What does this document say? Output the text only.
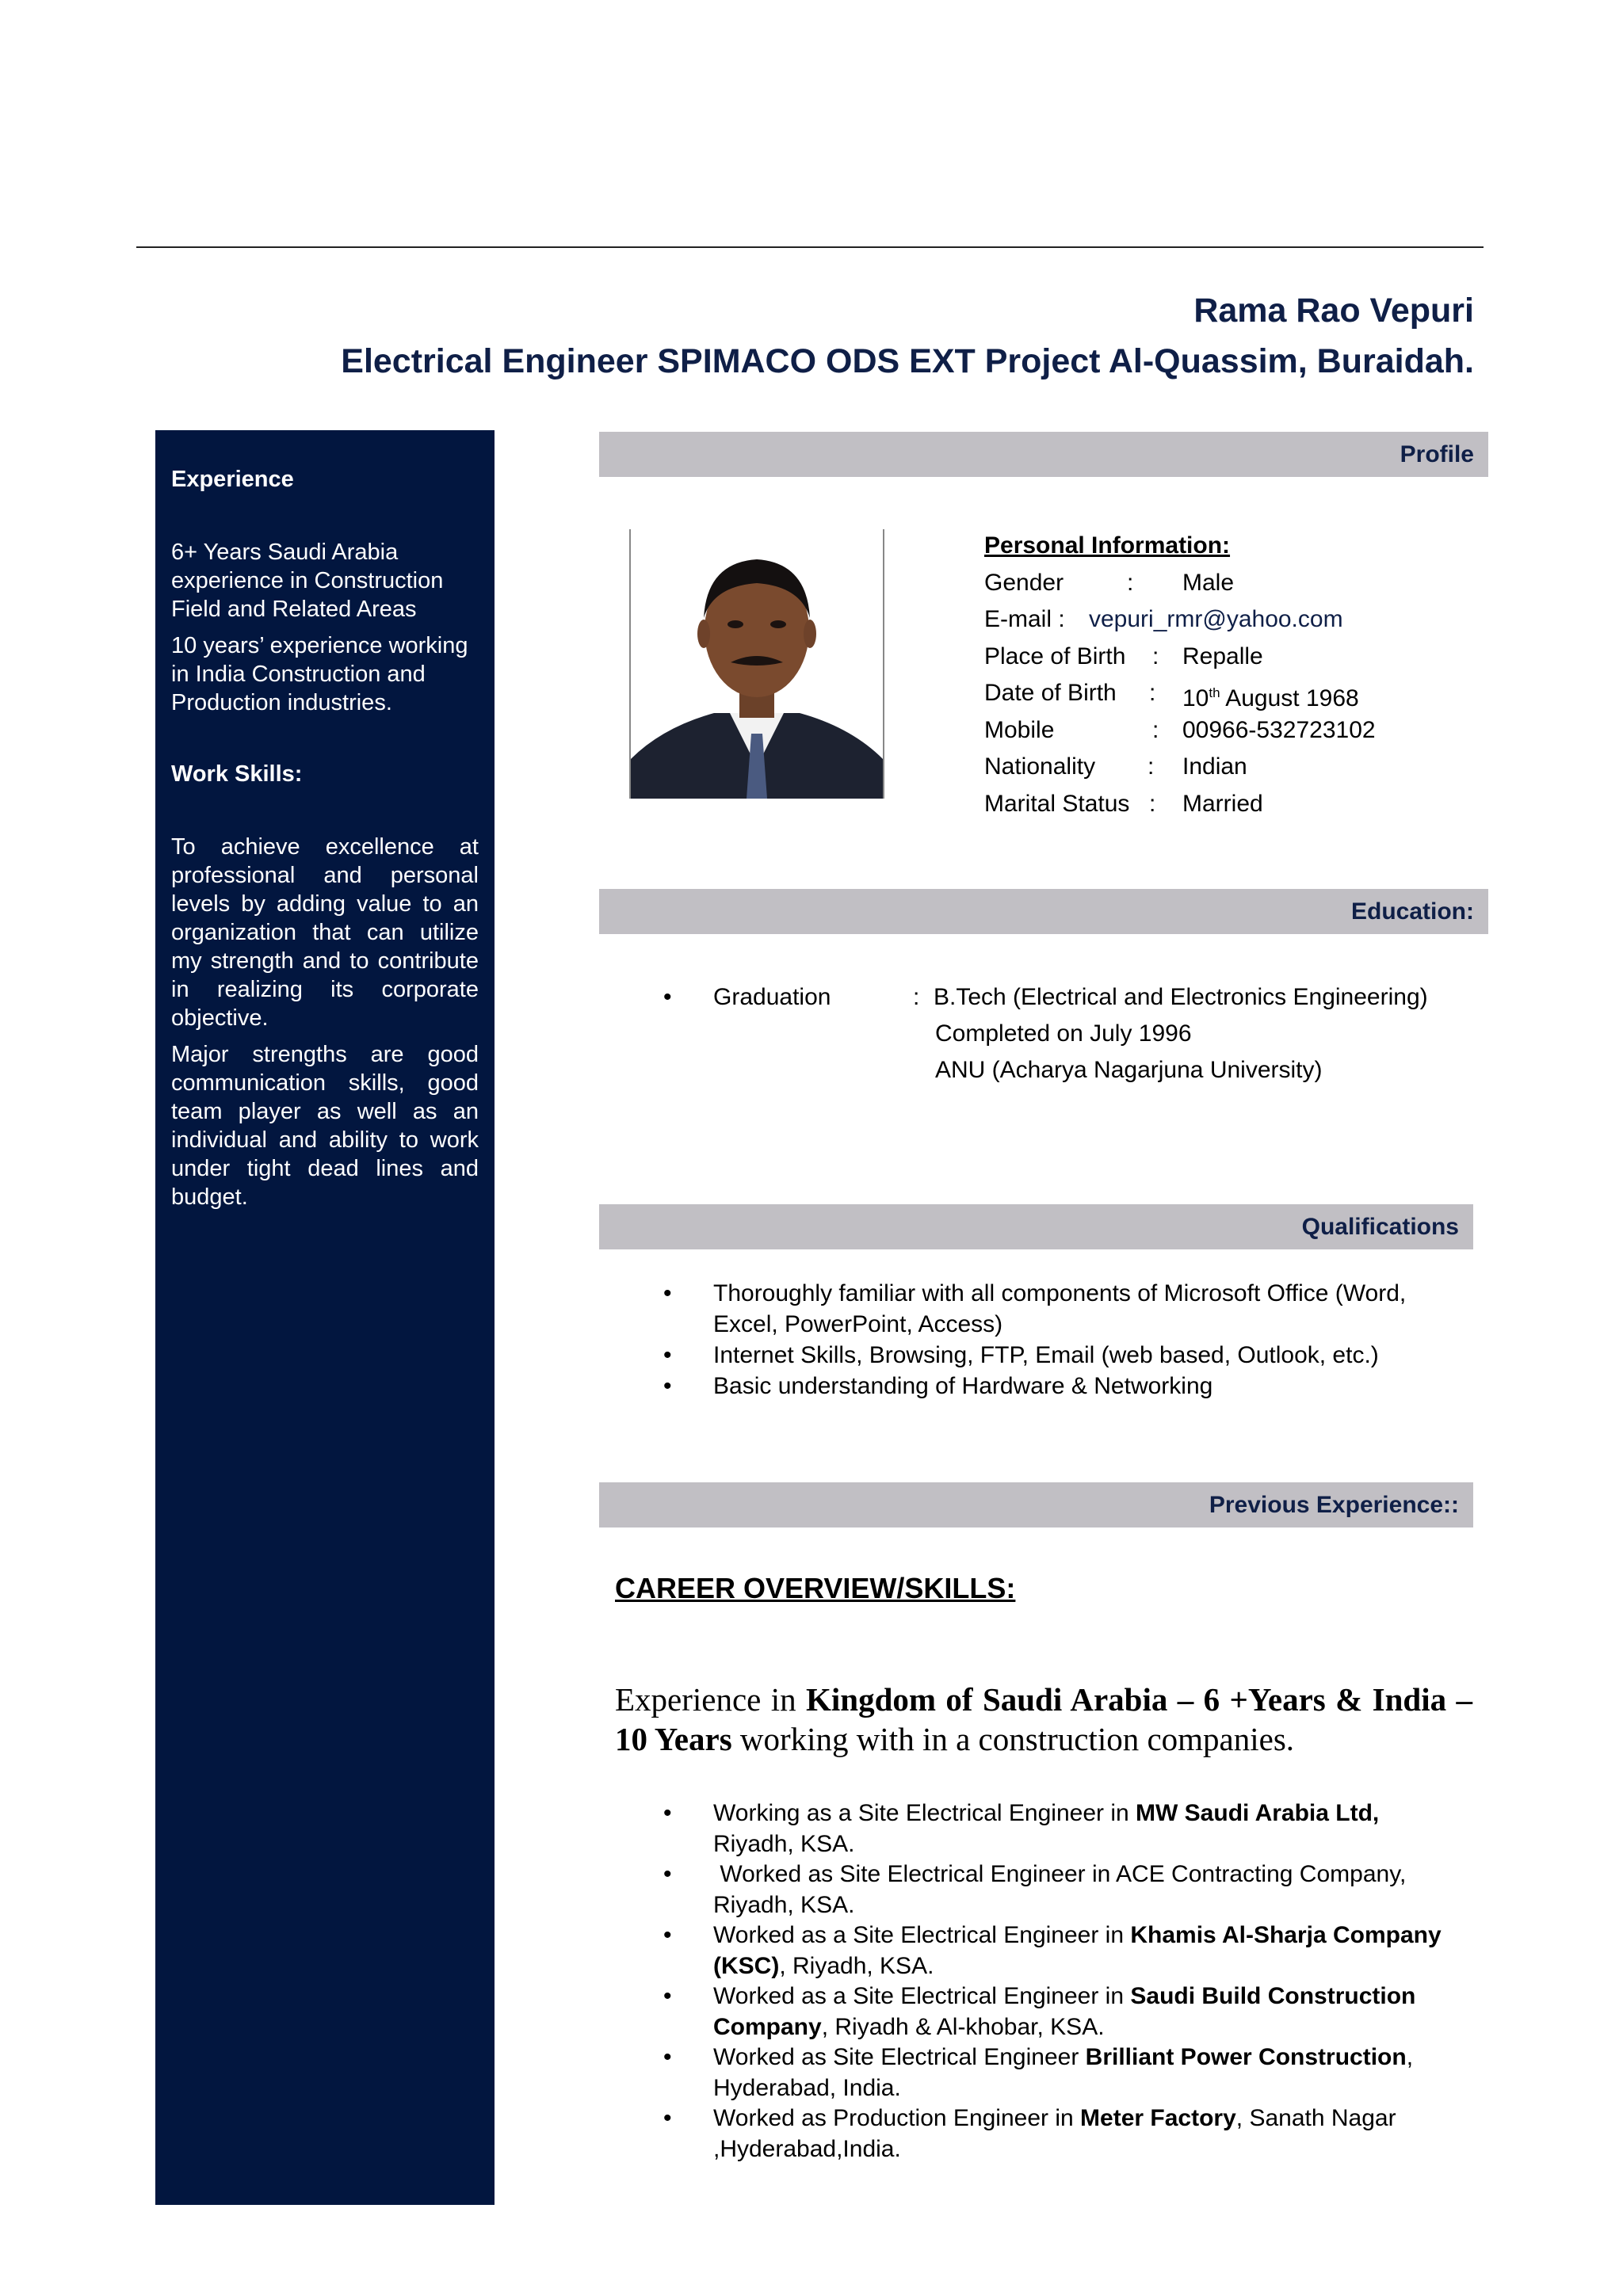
Rama Rao Vepuri
Electrical Engineer SPIMACO ODS EXT Project Al-Quassim, Buraidah.

Experience

6+ Years Saudi Arabia experience in Construction Field and Related Areas

10 years’ experience working in India Construction and Production industries.

Work Skills:

To achieve excellence at professional and personal levels by adding value to an organization that can utilize my strength and to contribute in realizing its corporate objective.

Major strengths are good communication skills, good team player as well as an individual and ability to work under tight dead lines and budget.

Profile
Education:
Qualifications
Previous Experience::
Personal Information:
Gender	: Male
E-mail : vepuri_rmr@yahoo.com
Place of Birth : Repalle
Date of Birth : 10th August 1968
Mobile	: 00966-532723102
Nationality : Indian
Marital Status : Married
• Graduation	: B.Tech (Electrical and Electronics Engineering)
Completed on July 1996
ANU (Acharya Nagarjuna University)
• Thoroughly familiar with all components of Microsoft Office (Word, Excel, PowerPoint, Access)
• Internet Skills, Browsing, FTP, Email (web based, Outlook, etc.)
• Basic understanding of Hardware & Networking
CAREER OVERVIEW/SKILLS:
Experience in Kingdom of Saudi Arabia – 6 +Years & India – 10 Years working with in a construction companies.
• Working as a Site Electrical Engineer in MW Saudi Arabia Ltd, Riyadh, KSA.
• Worked as Site Electrical Engineer in ACE Contracting Company, Riyadh, KSA.
• Worked as a Site Electrical Engineer in Khamis Al-Sharja Company (KSC), Riyadh, KSA.
• Worked as a Site Electrical Engineer in Saudi Build Construction Company, Riyadh & Al-khobar, KSA.
• Worked as Site Electrical Engineer Brilliant Power Construction, Hyderabad, India.
• Worked as Production Engineer in Meter Factory, Sanath Nagar ,Hyderabad,India.
